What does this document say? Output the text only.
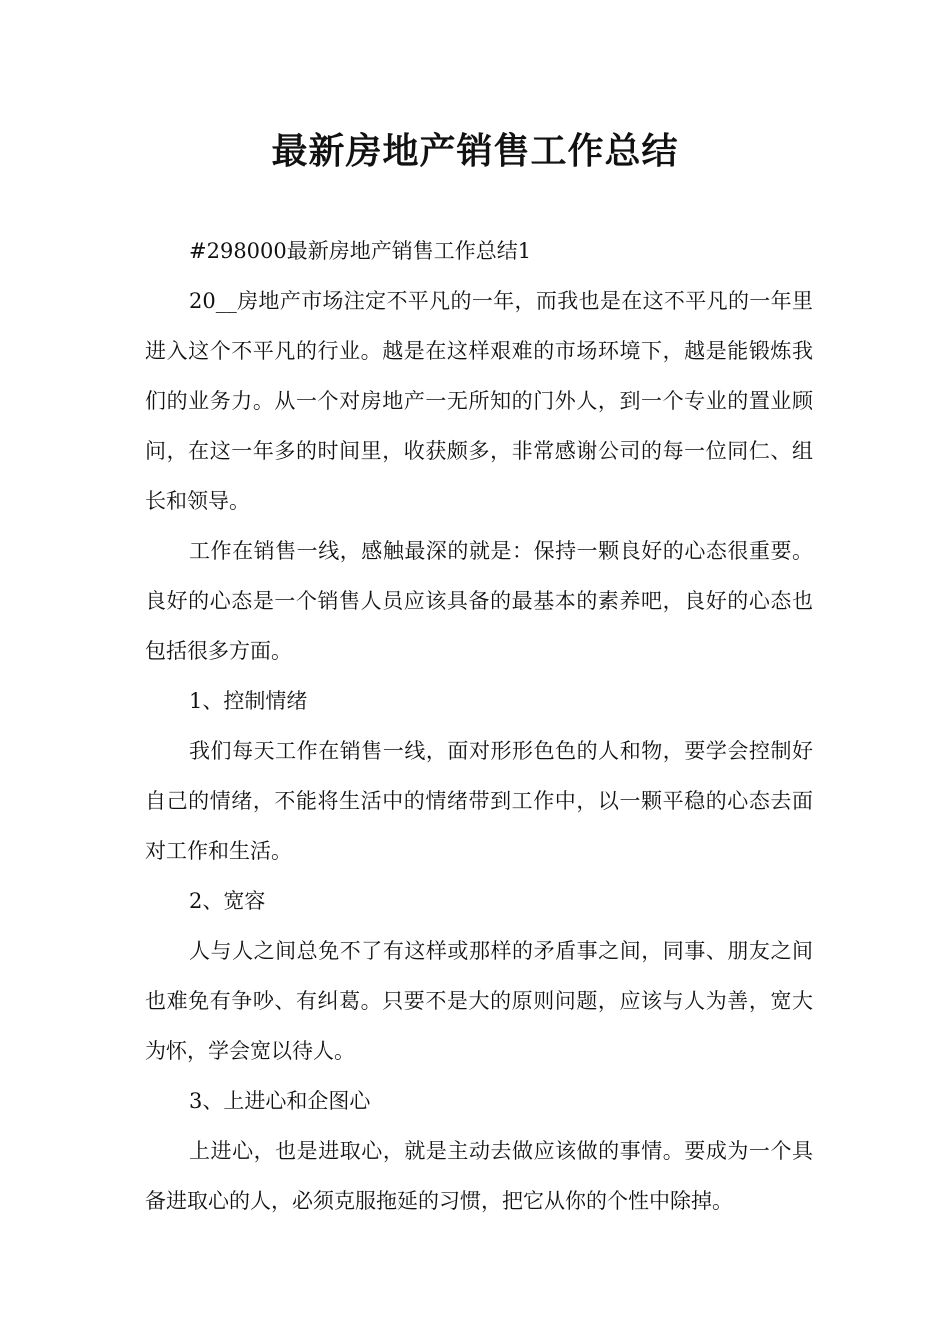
最新房地产销售工作总结

#298000最新房地产销售工作总结1

20__房地产市场注定不平凡的一年，而我也是在这不平凡的一年里进入这个不平凡的行业。越是在这样艰难的市场环境下，越是能锻炼我们的业务力。从一个对房地产一无所知的门外人，到一个专业的置业顾问，在这一年多的时间里，收获颇多，非常感谢公司的每一位同仁、组长和领导。

工作在销售一线，感触最深的就是：保持一颗良好的心态很重要。良好的心态是一个销售人员应该具备的最基本的素养吧，良好的心态也包括很多方面。

1、控制情绪

我们每天工作在销售一线，面对形形色色的人和物，要学会控制好自己的情绪，不能将生活中的情绪带到工作中，以一颗平稳的心态去面对工作和生活。

2、宽容

人与人之间总免不了有这样或那样的矛盾事之间，同事、朋友之间也难免有争吵、有纠葛。只要不是大的原则问题，应该与人为善，宽大为怀，学会宽以待人。

3、上进心和企图心

上进心，也是进取心，就是主动去做应该做的事情。要成为一个具备进取心的人，必须克服拖延的习惯，把它从你的个性中除掉。
